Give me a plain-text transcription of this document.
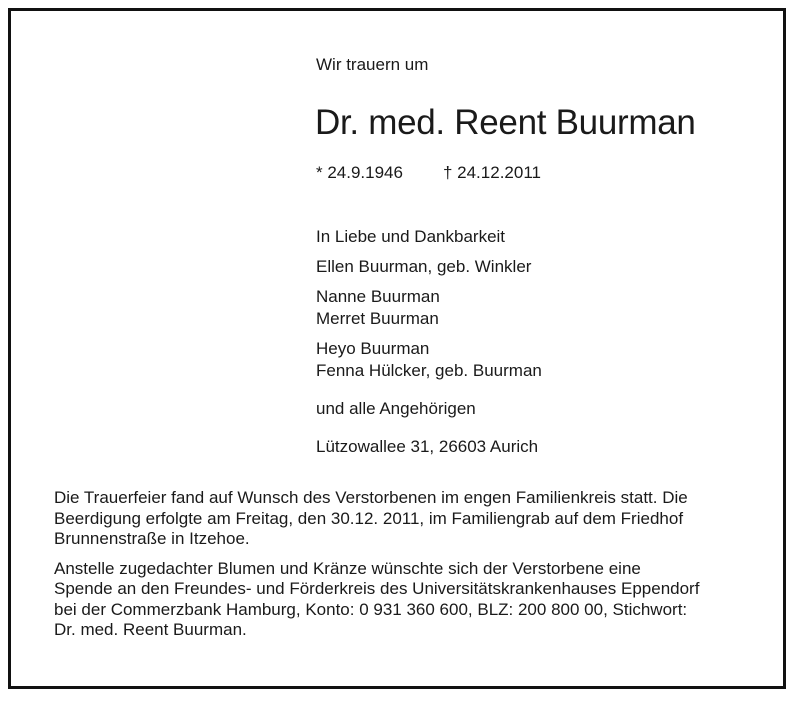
Wir trauern um
Dr. med. Reent Buurman
* 24.9.1946 † 24.12.2011
In Liebe und Dankbarkeit
Ellen Buurman, geb. Winkler
Nanne Buurman
Merret Buurman
Heyo Buurman
Fenna Hülcker, geb. Buurman
und alle Angehörigen
Lützowallee 31, 26603 Aurich
Die Trauerfeier fand auf Wunsch des Verstorbenen im engen Familienkreis statt. Die
Beerdigung erfolgte am Freitag, den 30.12. 2011, im Familiengrab auf dem Friedhof
Brunnenstraße in Itzehoe.
Anstelle zugedachter Blumen und Kränze wünschte sich der Verstorbene eine
Spende an den Freundes- und Förderkreis des Universitätskrankenhauses Eppendorf
bei der Commerzbank Hamburg, Konto: 0 931 360 600, BLZ: 200 800 00, Stichwort:
Dr. med. Reent Buurman.
